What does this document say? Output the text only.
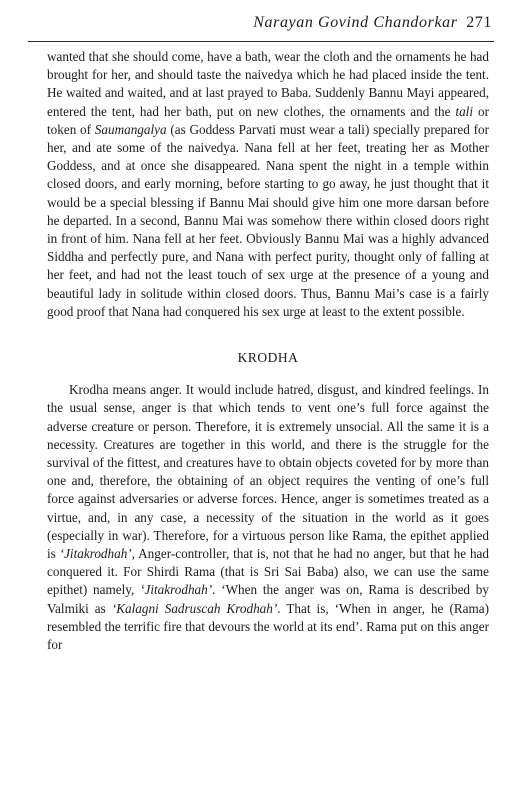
Narayan Govind Chandorkar 271

wanted that she should come, have a bath, wear the cloth and the ornaments he had brought for her, and should taste the naivedya which he had placed inside the tent. He waited and waited, and at last prayed to Baba. Suddenly Bannu Mayi appeared, entered the tent, had her bath, put on new clothes, the ornaments and the tali or token of Saumangalya (as Goddess Parvati must wear a tali) specially prepared for her, and ate some of the naivedya. Nana fell at her feet, treating her as Mother Goddess, and at once she disappeared. Nana spent the night in a temple within closed doors, and early morning, before starting to go away, he just thought that it would be a special blessing if Bannu Mai should give him one more darsan before he departed. In a second, Bannu Mai was somehow there within closed doors right in front of him. Nana fell at her feet. Obviously Bannu Mai was a highly advanced Siddha and perfectly pure, and Nana with perfect purity, thought only of falling at her feet, and had not the least touch of sex urge at the presence of a young and beautiful lady in solitude within closed doors. Thus, Bannu Mai’s case is a fairly good proof that Nana had conquered his sex urge at least to the extent possible.

KRODHA

Krodha means anger. It would include hatred, disgust, and kindred feelings. In the usual sense, anger is that which tends to vent one’s full force against the adverse creature or person. Therefore, it is extremely unsocial. All the same it is a necessity. Creatures are together in this world, and there is the struggle for the survival of the fittest, and creatures have to obtain objects coveted for by more than one and, therefore, the obtaining of an object requires the venting of one’s full force against adversaries or adverse forces. Hence, anger is sometimes treated as a virtue, and, in any case, a necessity of the situation in the world as it goes (especially in war). Therefore, for a virtuous person like Rama, the epithet applied is ‘Jitakrodhah’, Anger-controller, that is, not that he had no anger, but that he had conquered it. For Shirdi Rama (that is Sri Sai Baba) also, we can use the same epithet) namely, ‘Jitakrodhah’. ‘When the anger was on, Rama is described by Valmiki as ‘Kalagni Sadruscah Krodhah’. That is, ‘When in anger, he (Rama) resembled the terrific fire that devours the world at its end’. Rama put on this anger for
